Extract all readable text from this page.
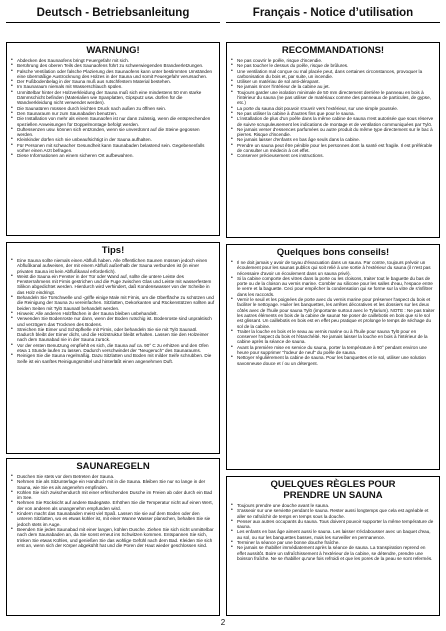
Deutsch - Betriebsanleitung	Français - Notice d’utilisation
WARNUNG!
• Abdecken des Saunaofens bringt Feuergefahr mit sich.
• Berührung des oberen Teils des Saunaofens führt zu schwerwiegenden Brandverletzungen.
• Falsche Ventilation oder falsche Plazierung des Saunaofens kann unter bestimmten Umständen eine übermäßige Austrocknung des Holzes in der Sauna und somit Feuergefahr verursachen.
• Der Fußbodenbelag in der Sauna muß aus rutschfestem Material bestehen.
• Im Saunaraum niemals mit Wasserschlauch spülen.
• Unmittelbar hinter der Holzverkleidung der Sauna muß sich eine mindestens 50 mm starke Dämmschicht befinden (Materialien wie Spanplatten, Gipsputz usw. dürfen für die Wandverkleidung nicht verwendet werden).
• Die Saunatüren müssen durch leichten Druck nach außen zu öffnen sein.
• Den Saunaraum nur zum Saunabaden benutzen.
• Die Installation von mehr als einem Saunaofen ist nur dann zulässig, wenn die entsprechenden speziellen Anweisungen für Doppelmontage befolgt werden.
• Duftessenzen usw. können sich entzünden, wenn sie unverdünnt auf die Steine gegossen werden.
• Kleinkinder dürfen sich nie unbeaufsichtigt in der Sauna aufhalten.
• Für Personen mit schwacher Gesundheit kann Saunabaden belastend sein. Gegebenenfalls vorher einen Arzt befragen.
• Diese Informationen an einem sicheren Ort aufbewahren.
Tips!
• Eine Sauna sollte niemals einen Abfluß haben. Alle öffentlichen Saunen müssen jedoch einen Abflußkanal aufweisen, der mit einem Abfluß außerhalb der Sauna verbunden ist (in einer privaten Sauna ist kein Abflußkanal erforderlich).
• Weist die Sauna ein Fenster in der Tür oder Wand auf, sollte die untere Leiste des Fensterrahmens mit Firnis gestrichen und die Fuge zwischen Glas und Leiste mit wasserfestem Silikon abgedichtet werden. Hierdurch wird verhindert, daß Kondenswasser von der Scheibe in das Holz eindringt.
• Behandeln Sie Türschwelle und -griffe einige Male mit Firnis, um die Oberfläche zu schützen und die Reinigung der Sauna zu vereinfachen. Sitzlatten, Dekorkanten und Rückenstützen sollten auf beiden Seiten mit Tylö Saunaöl behandelt werden.
• Hinweis: Alle anderen Holzflächen in der Sauna bleiben unbehandelt.
• Verwenden Sie Bodenroste nur dann, wenn der Boden rutschig ist. Bodenroste sind unpraktisch und verzögern das Trocknen des Bodens.
• Streichen Sie Eimer und Schöpfkelle mit Firnis, oder behandeln Sie sie mit Tylö Saunaöl. Dadurch bleibt der Eimer dicht, und die Holzstruktur bleibt erhalten. Lassen Sie den Holzeimer nach dem Saunabad nie in der Sauna zurück.
• Vor der ersten Benutzung empfiehlt es sich, die Sauna auf ca. 90° C zu erhitzen und den Ofen etwa 1 Stunde laufen zu lassen. Dadurch verschwindet der "Neugeruch" des Saunaraums.
• Reinigen Sie die Sauna regelmäßig. Dazu Sitzlatten und Boden mit milder Seife schrubben. Die Seife ist ein sanftes Reinigungsmittel und hinterläßt einen angenehmen Duft.
SAUNAREGELN
• Duschen Sie stets vor dem Betreten der Sauna.
• Nehmen Sie als Sitzunterlage ein Handtuch mit in die Sauna. Bleiben Sie nur so lange in der Sauna, wie Sie es als angenehm empfinden.
• Kühlen Sie sich zwischendurch mit einer erfrischenden Dusche im Freien ab oder durch ein Bad im See.
• Nehmen Sie Rücksicht auf andere Badegäste. Erhöhen Sie die Temperatur nicht auf einen Wert, der von anderen als unangenehm empfunden wird.
• Kindern macht das Saunabaden meist viel Spaß. Lassen Sie sie auf dem Boden oder den unteren Sitzlatten, wo es etwas kühler ist, mit einer Wanne Wasser planschen, behalten Sie sie jedoch stets im Auge.
• Beenden Sie jedes Saunabad mit einer langen, kühlen Dusche. Ziehen Sie sich nicht unmittelbar nach dem Saunabaden an, da Sie sonst erneut ins Schwitzen kommen. Entspannen Sie sich, trinken Sie etwas Kühles, und genießen Sie das wohlige Gefühl nach dem Bad. Kleiden Sie sich erst an, wenn sich der Körper abgekühlt hat und die Poren der Haut wieder geschlossen sind.
RECOMMANDATIONS!
• Ne pas couvrir le poêle, risque d'incendie.
• Ne pas toucher le dessus du poêle, risque de brûlures.
• Une ventilation mal conçue ou mal placée peut, dans certaines circonstances, provoquer la carbonisation du bois et, par suite, un incendie.
• Utiliser un matériau de sol anti-dérapant.
• Ne jamais rincer l'intérieur de la cabine au jet.
• Toujours garder une isolation minimale de 50 mm directement derrière le panneau en bois à l'intérieur du sauna (ne pas utiliser de matériaux comme des panneaux de particules, de gypse, etc.)
• La porte du sauna doit pouvoir s'ouvrir vers l'extérieur, sur une simple poussée.
• Ne pas utiliser la cabine à d'autres fins que pour le sauna.
• L'installation de plus d'un poêle dans la même cabine de sauna n'est autorisée que sous réserve de suivre scrupuleusement les indications de montage et de ventilation communiquées par Tylö.
• Ne jamais verser d'essences parfumées ou autre produit du même type directement sur le bac à pierres. Risque d'incendie.
• Ne jamais laisser d'enfants en bas âge seuls dans la cabine.
• Prendre un sauna peut être pénible pour les personnes dont la santé est fragile. Il est préférable de consulter un médecin à cet effet.
• Conserver précieusement ces instructions.
Quelques bons conseils!
• Il ne doit jamais y avoir de tuyau d'évacuation dans un sauna. Par contre, toujours prévoir un écoulement pour les saunas publics qui soit relié à une sortie à l'extérieur du sauna (il n'est pas nécessaire d'avoir un écoulement dans un sauna privé).
• Si la cabine comporte des vitres dans la porte ou les cloisons, traiter tout le baguette du bas de porte ou de la cloison au vernis marine. Combler au silicone pour les salles d'eau, l'espace entre le verre et la baguette. Ceci pour empêcher la condensation qui se forme sur la vitre de s'infiltrer dans les raccords.
• Vernir le seuil et les poignées de porte avec du vernis marine pour préserver l'aspect du bois et faciliter le nettoyage. Huiler les banquettes, les arrêtes décoratives et les dossiers sur les deux côtés avec de l'huile pour sauna Tylö (importante surtout avec le Tylarium). NOTE : Ne pas traiter les autres éléments en bois de la cabine de sauna! Ne poser de caillebotis en bois que si le sol est glissant. Un caillebotis en bois est en effet peu pratique et prolonge le temps de séchage du sol de la cabine.
• Traiter la louche en bois et le seau au vernis marine ou à l'huile pour sauna Tylö pour en conserver l'aspect du bois et l'étanchéité. Ne jamais laisser la louche en bois à l'intérieur de la cabine après la séance de sauna.
• Avant la première mise en service du sauna, porter la température à 90° pendant environ une heure pour supprimer "l'odeur de neuf" du poêle de sauna.
• Nettoyer régulièrement la cabine de sauna. Pour les banquettes et le sol, utiliser une solution savonneuse douce et / ou un détergent.
QUELQUES RÈGLES POUR
PRENDRE UN SAUNA
• Toujours prendre une douche avant le sauna.
• S'asseoir sur une serviette pendant le sauna. Rester aussi longtemps que cela est agréable et aller se rafraîchir de temps en temps sous la douche.
• Penser aux autres occupants du sauna. Tous doivent pouvoir supporter la même température de sauna.
• Les enfants en bas âge aiment aussi le sauna. Les laisser s'éclabousser avec un baquet d'eau, au sol, ou sur les banquettes basses, mais les surveiller en permanence.
• Terminer la séance par une bonne douche fraîche.
• Ne jamais se rhabiller immédiatement après la séance de sauna. La transpiration reprend en effet aussitôt. Boire un rafraîchissement à l'extérieur de la cabine, se détendre, prendre une boisson fraîche. Ne se rhabiller qu'une fois refroidi et que les pores de la peau se sont refermés.
2
